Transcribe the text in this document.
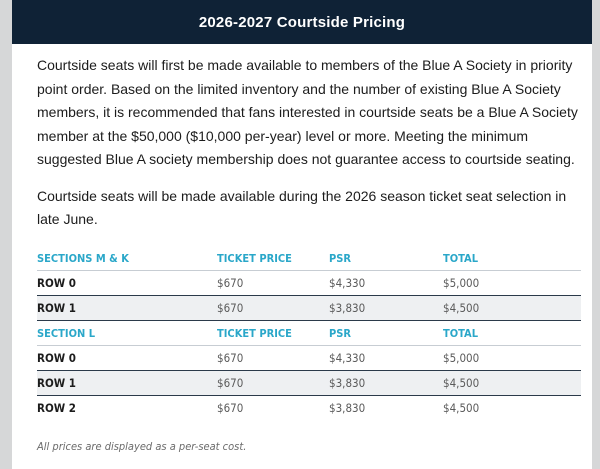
2026-2027 Courtside Pricing

Courtside seats will first be made available to members of the Blue A Society in priority point order. Based on the limited inventory and the number of existing Blue A Society members, it is recommended that fans interested in courtside seats be a Blue A Society member at the $50,000 ($10,000 per-year) level or more. Meeting the minimum suggested Blue A society membership does not guarantee access to courtside seating.

Courtside seats will be made available during the 2026 season ticket seat selection in late June.

SECTIONS M & K	TICKET PRICE	PSR	TOTAL
ROW 0	$670	$4,330	$5,000
ROW 1	$670	$3,830	$4,500
SECTION L	TICKET PRICE	PSR	TOTAL
ROW 0	$670	$4,330	$5,000
ROW 1	$670	$3,830	$4,500
ROW 2	$670	$3,830	$4,500
All prices are displayed as a per-seat cost.
